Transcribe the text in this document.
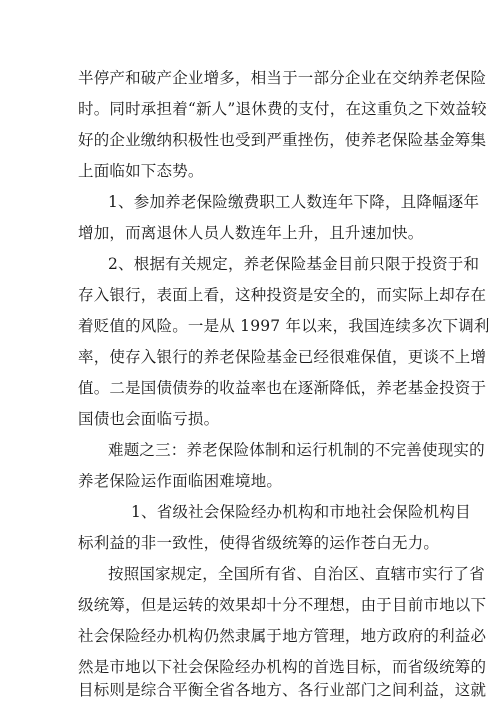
半停产和破产企业增多，相当于一部分企业在交纳养老保险
时。同时承担着“新人”退休费的支付，在这重负之下效益较
好的企业缴纳积极性也受到严重挫伤，使养老保险基金筹集
上面临如下态势。
1、参加养老保险缴费职工人数连年下降，且降幅逐年
增加，而离退休人员人数连年上升，且升速加快。
2、根据有关规定，养老保险基金目前只限于投资于和
存入银行，表面上看，这种投资是安全的，而实际上却存在
着贬值的风险。一是从 1997 年以来，我国连续多次下调利
率，使存入银行的养老保险基金已经很难保值，更谈不上增
值。二是国债债券的收益率也在逐渐降低，养老基金投资于
国债也会面临亏损。
难题之三：养老保险体制和运行机制的不完善使现实的
养老保险运作面临困难境地。
1、省级社会保险经办机构和市地社会保险机构目
标利益的非一致性，使得省级统筹的运作苍白无力。
按照国家规定，全国所有省、自治区、直辖市实行了省
级统筹，但是运转的效果却十分不理想，由于目前市地以下
社会保险经办机构仍然隶属于地方管理，地方政府的利益必
然是市地以下社会保险经办机构的首选目标，而省级统筹的
目标则是综合平衡全省各地方、各行业部门之间利益，这就
